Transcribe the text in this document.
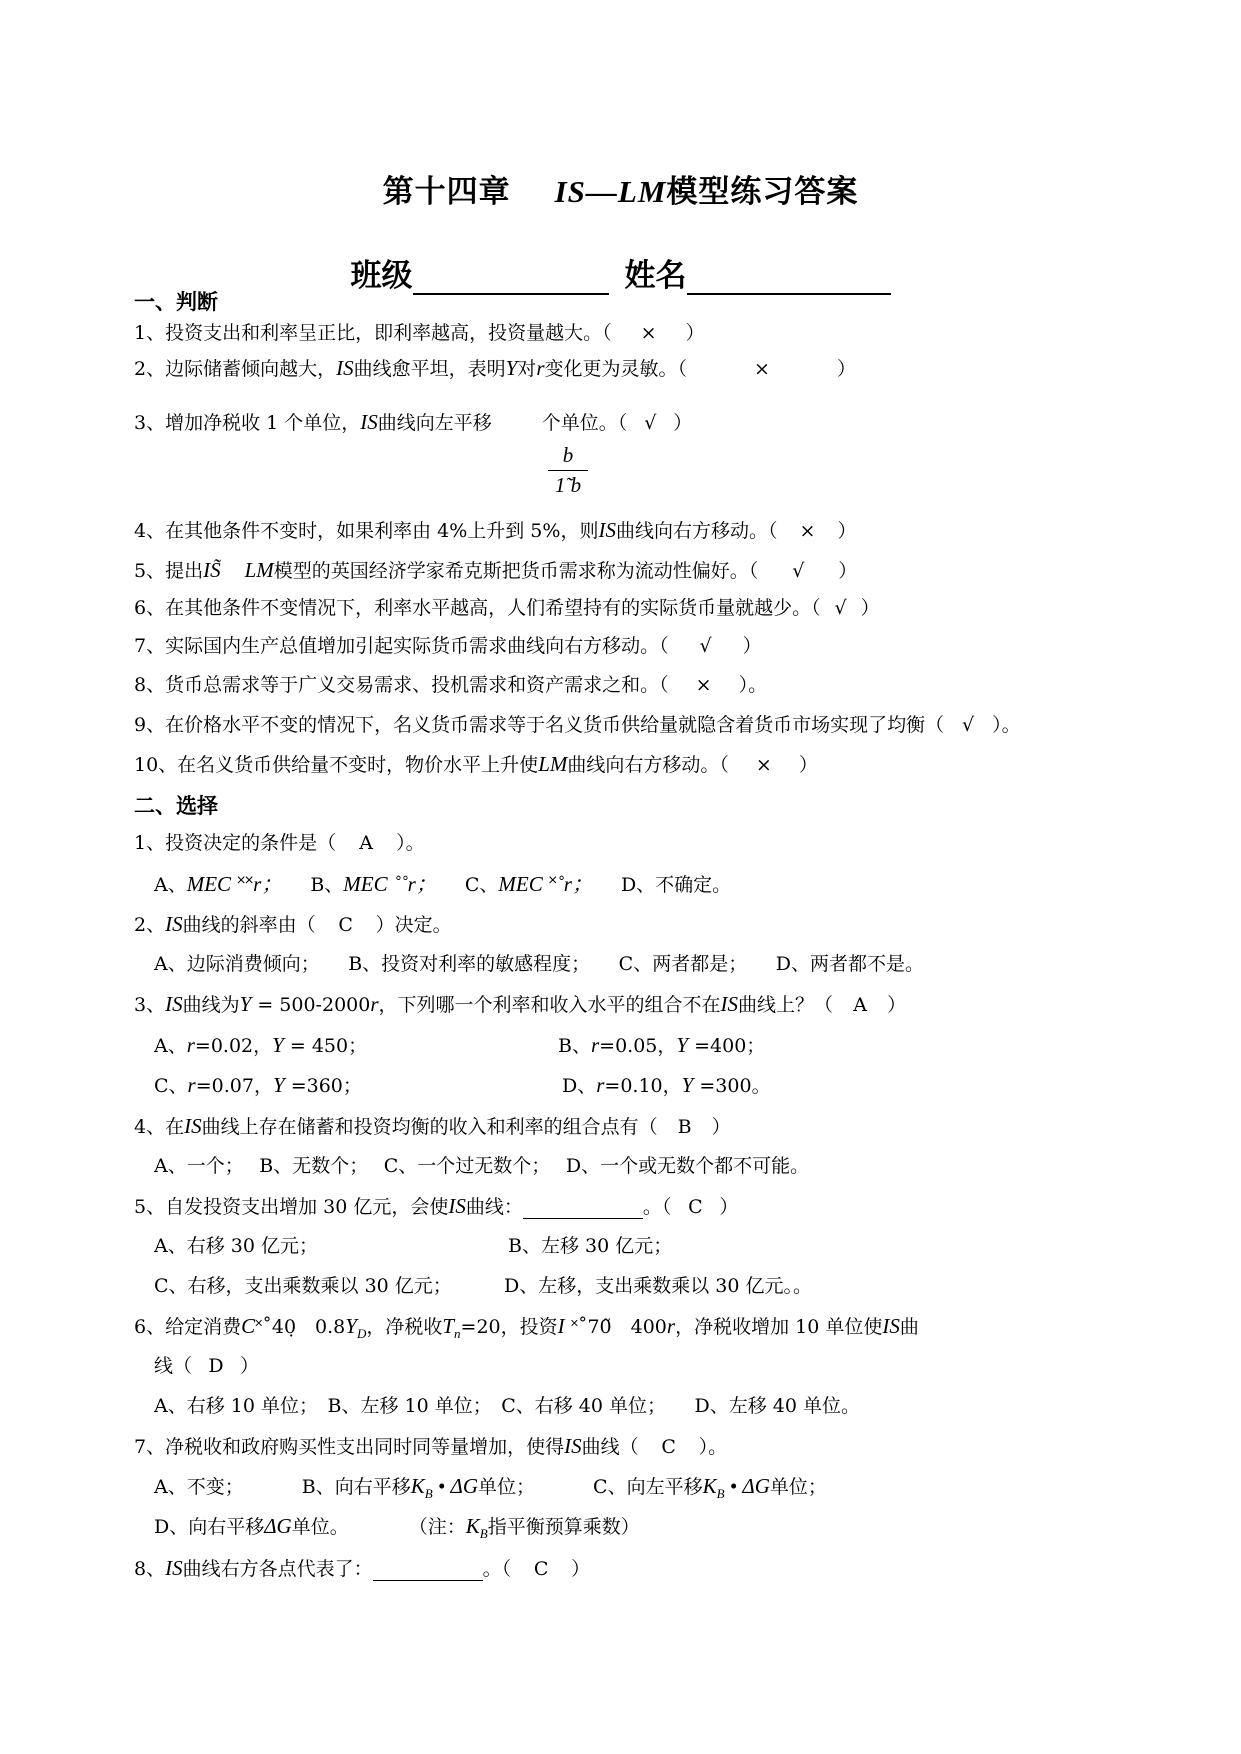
第十四章 IS—LM模型练习答案
班级	姓名
一、判断
1、投资支出和利率呈正比，即利率越高，投资量越大。（ × ）
2、边际储蓄倾向越大，IS曲线愈平坦，表明Y对r变化更为灵敏。（	×	）
3、增加净税收 1 个单位，IS曲线向左平移	个单位。（ √ ）
$\frac{b}{1̃ b}$
4、在其他条件不变时，如果利率由 4%上升到 5%，则IS曲线向右方移动。（ × ）
5、提出IS̃ LM模型的英国经济学家希克斯把货币需求称为流动性偏好。（ √ ）
6、在其他条件不变情况下，利率水平越高，人们希望持有的实际货币量就越少。（ √ ）
7、实际国内生产总值增加引起实际货币需求曲线向右方移动。（ √ ）
8、货币总需求等于广义交易需求、投机需求和资产需求之和。（ × ）。
9、在价格水平不变的情况下，名义货币需求等于名义货币供给量就隐含着货币市场实现了均衡（ √ ）。
10、在名义货币供给量不变时，物价水平上升使LM曲线向右方移动。（ × ）
二、选择
1、投资决定的条件是（ A ）。
A、MEC ˟˟r； B、MEC ˚˚r； C、MEC ˟˚r； D、不确定。
2、IS曲线的斜率由（ C ）决定。
A、边际消费倾向；　　B、投资对利率的敏感程度；　　C、两者都是；　　D、两者都不是。
3、IS曲线为Y = 500-2000r，下列哪一个利率和收入水平的组合不在IS曲线上？（ A ）
A、r=0.02，Y = 450；	B、r=0.05，Y =400；
C、r=0.07，Y =360；	D、r=0.10，Y =300。
4、在IS曲线上存在储蓄和投资均衡的收入和利率的组合点有（ B ）
A、一个；　 B、无数个；　 C、一个过无数个；　 D、一个或无数个都不可能。
5、自发投资支出增加 30 亿元，会使IS曲线：	。（ C ）
A、右移 30 亿元；	B、左移 30 亿元；
C、右移，支出乘数乘以 30 亿元；	D、左移，支出乘数乘以 30 亿元。。
6、给定消费C˟˚40̣　$0.8Y_D$，净税收$T_n=20$，投资I ˟˚70̃　400r，净税收增加 10 单位使IS曲
线（ D ）
A、右移 10 单位；　B、左移 10 单位；　C、右移 40 单位；　　D、左移 40 单位。
7、净税收和政府购买性支出同时同等量增加，使得IS曲线（ C ）。
A、不变；	B、向右平移$K_B$ • ΔG单位；	C、向左平移$K_B$ • ΔG单位；
D、向右平移ΔG单位。	（注：$K_B$指平衡预算乘数）
8、IS曲线右方各点代表了：	。（ C ）
